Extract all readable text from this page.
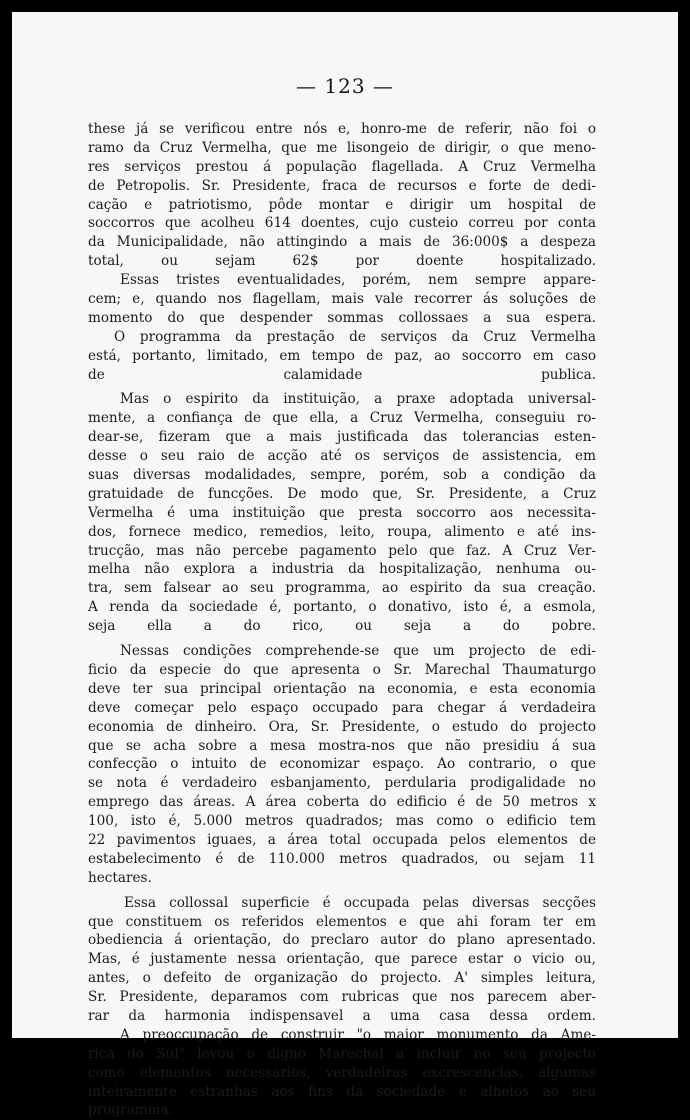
— 123 —
these já se verificou entre nós e, honro-me de referir, não foi o
ramo da Cruz Vermelha, que me lisongeio de dirigir, o que meno-
res serviços prestou á população flagellada. A Cruz Vermelha
de Petropolis. Sr. Presidente, fraca de recursos e forte de dedi-
cação e patriotismo, pôde montar e dirigir um hospital de
soccorros que acolheu 614 doentes, cujo custeio correu por conta
da Municipalidade, não attingindo a mais de 36:000$ a despeza
total, ou sejam 62$ por doente hospitalizado.
Essas tristes eventualidades, porém, nem sempre appare-
cem; e, quando nos flagellam, mais vale recorrer ás soluções de
momento do que despender sommas collossaes a sua espera.
O programma da prestação de serviços da Cruz Vermelha
está, portanto, limitado, em tempo de paz, ao soccorro em caso
de calamidade publica.
Mas o espirito da instituição, a praxe adoptada universal-
mente, a confiança de que ella, a Cruz Vermelha, conseguiu ro-
dear-se, fizeram que a mais justificada das tolerancias esten-
desse o seu raio de acção até os serviços de assistencia, em
suas diversas modalidades, sempre, porém, sob a condição da
gratuidade de funcções. De modo que, Sr. Presidente, a Cruz
Vermelha é uma instituição que presta soccorro aos necessita-
dos, fornece medico, remedios, leito, roupa, alimento e até ins-
trucção, mas não percebe pagamento pelo que faz. A Cruz Ver-
melha não explora a industria da hospitalização, nenhuma ou-
tra, sem falsear ao seu programma, ao espirito da sua creação.
A renda da sociedade é, portanto, o donativo, isto é, a esmola,
seja ella a do rico, ou seja a do pobre.
Nessas condições comprehende-se que um projecto de edi-
ficio da especie do que apresenta o Sr. Marechal Thaumaturgo
deve ter sua principal orientação na economia, e esta economia
deve começar pelo espaço occupado para chegar á verdadeira
economia de dinheiro. Ora, Sr. Presidente, o estudo do projecto
que se acha sobre a mesa mostra-nos que não presidiu á sua
confecção o intuito de economizar espaço. Ao contrario, o que
se nota é verdadeiro esbanjamento, perdularia prodigalidade no
emprego das áreas. A área coberta do edificio é de 50 metros x
100, isto é, 5.000 metros quadrados; mas como o edificio tem
22 pavimentos iguaes, a área total occupada pelos elementos de
estabelecimento é de 110.000 metros quadrados, ou sejam 11
hectares.
Essa collossal superficie é occupada pelas diversas secções
que constituem os referidos elementos e que ahi foram ter em
obediencia á orientação, do preclaro autor do plano apresentado.
Mas, é justamente nessa orientação, que parece estar o vicio ou,
antes, o defeito de organização do projecto. A' simples leitura,
Sr. Presidente, deparamos com rubricas que nos parecem aber-
rar da harmonia indispensavel a uma casa dessa ordem.
A preoccupação de construir "o maior monumento da Ame-
rica do Sul" levou o digno Marechal a incluir no seu projecto
como elementos necessarios, verdadeiras excrescencias, algumas
inteiramente estranhas aos fins da sociedade e alheios ao seu
programma.
